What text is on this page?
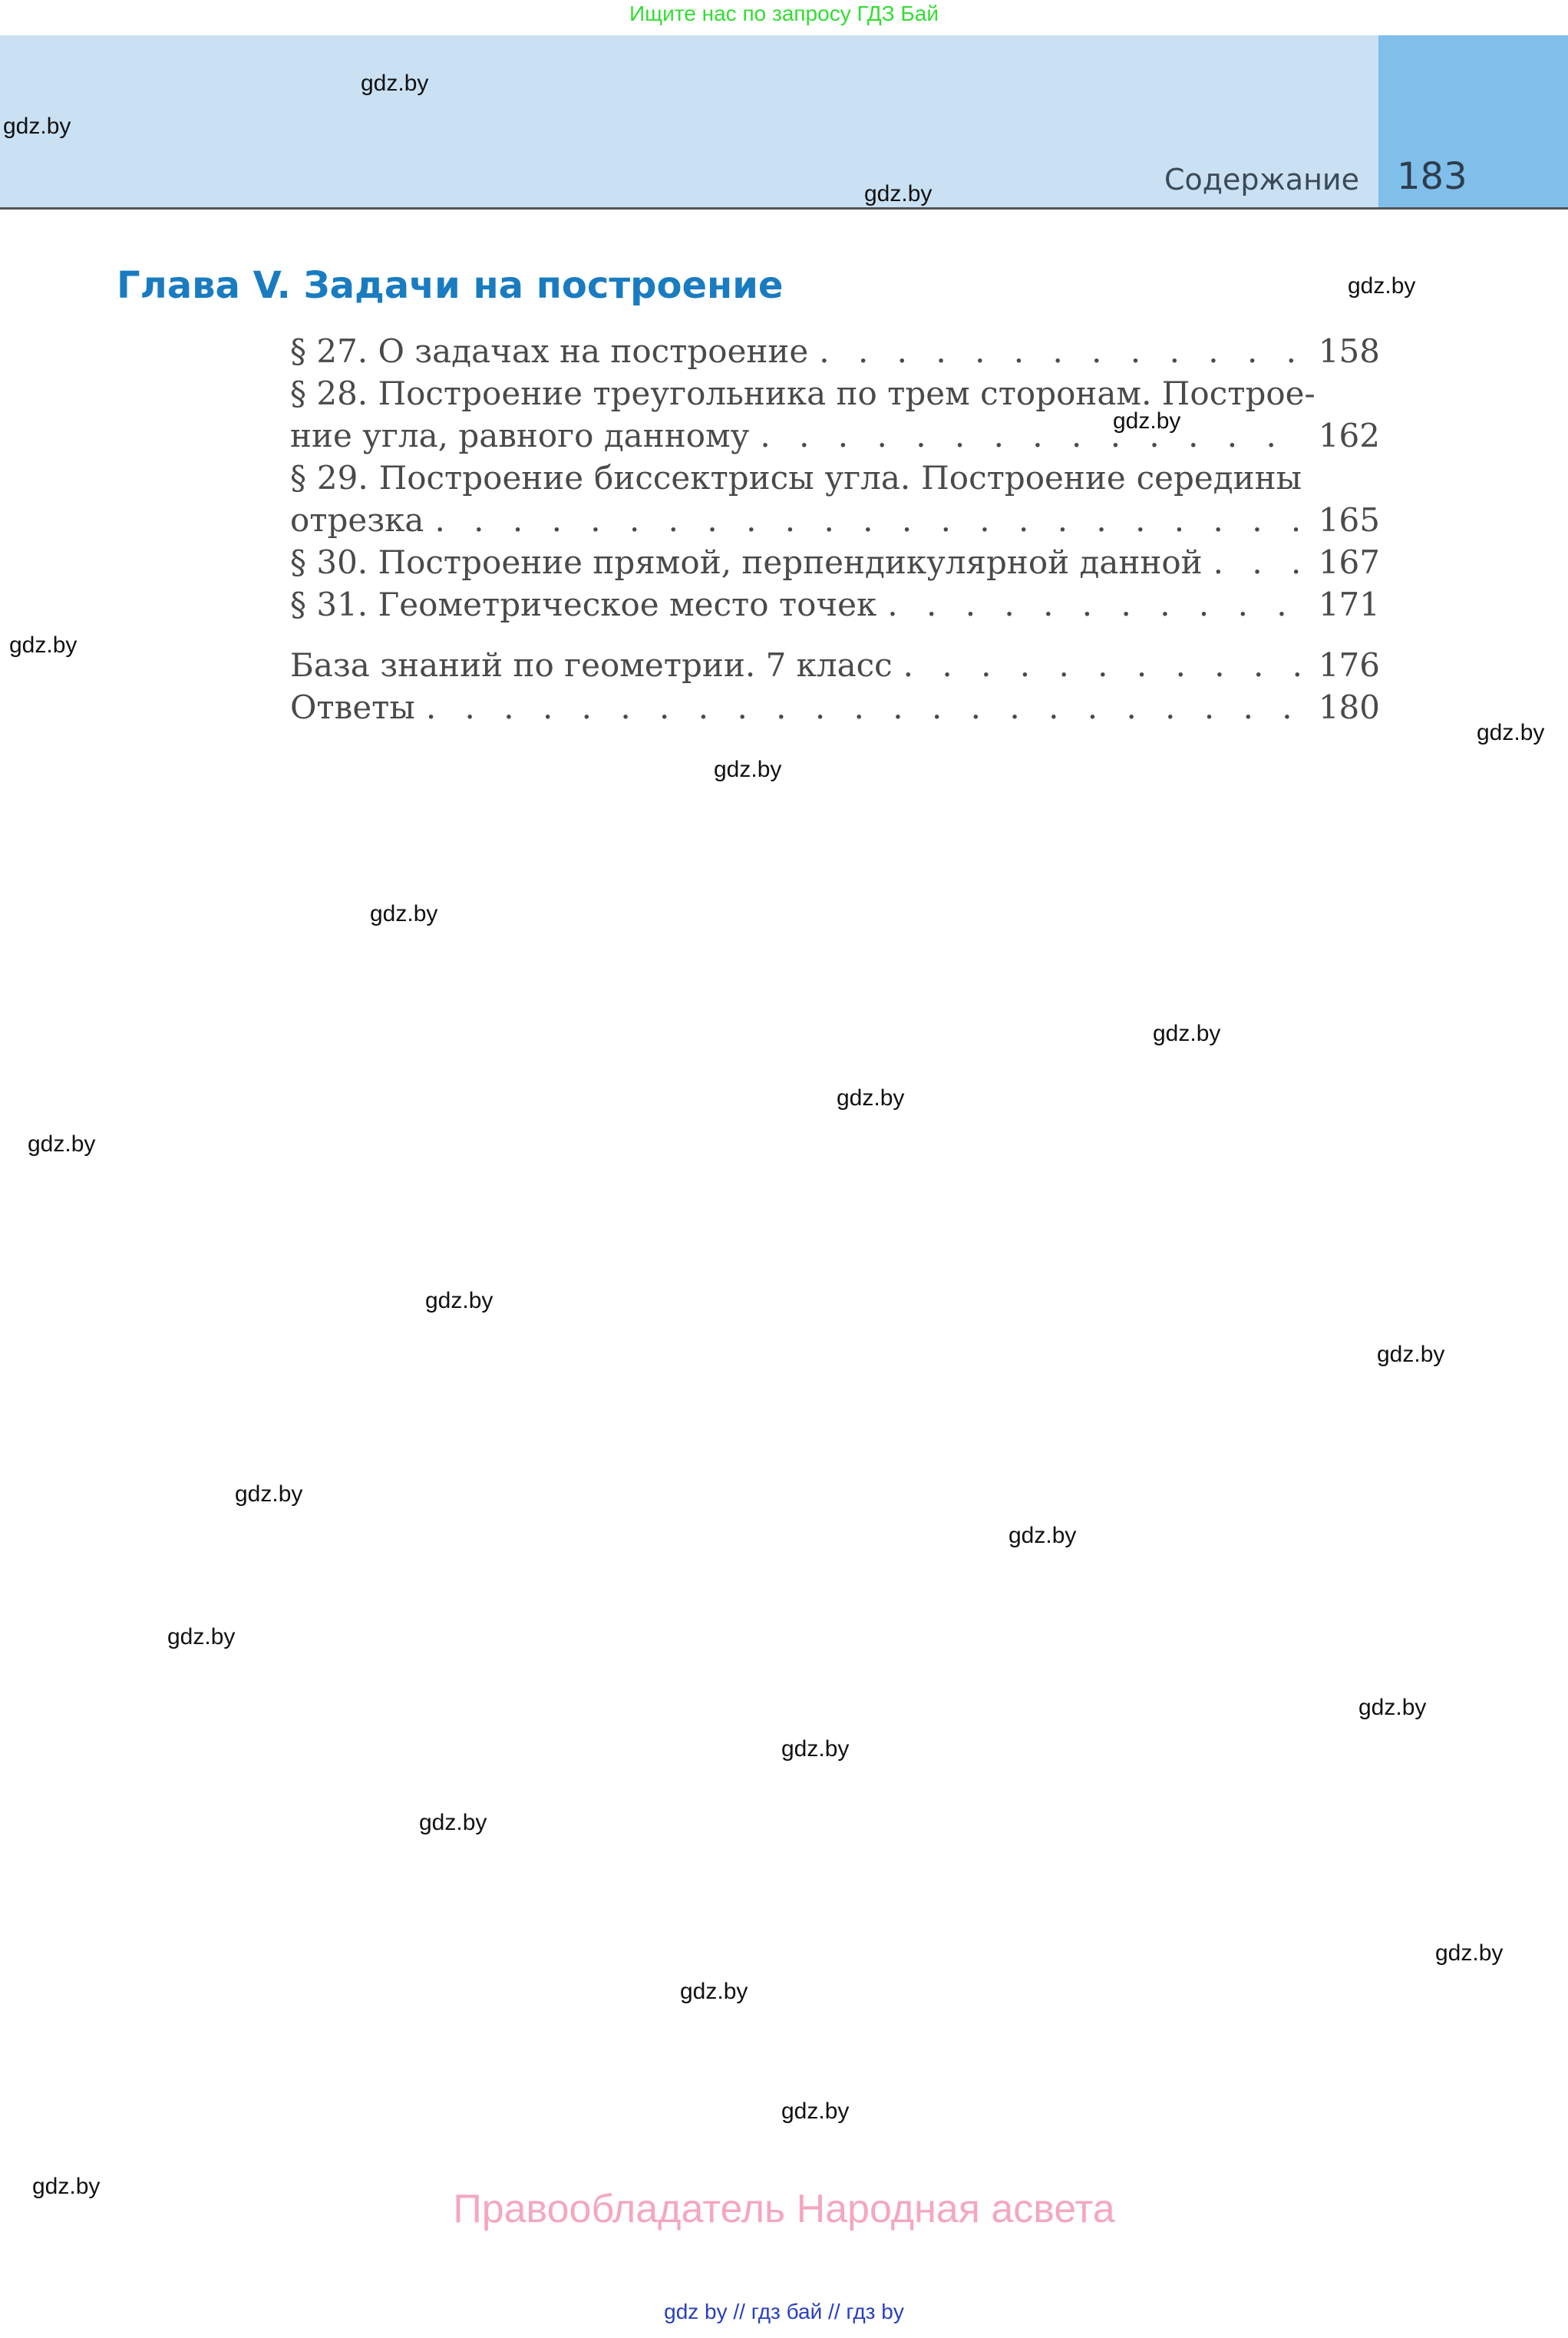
Ищите нас по запросу ГДЗ Бай
Содержание 183
Глава V. Задачи на построение
§ 27. О задачах на построение . . .	158
§ 28. Построение треугольника по трем сторонам. Построе-
ние угла, равного данному . . .	162
§ 29. Построение биссектрисы угла. Построение середины
отрезка . . .	165
§ 30. Построение прямой, перпендикулярной данной . . .	167
§ 31. Геометрическое место точек . . .	171
База знаний по геометрии. 7 класс . . .	176
Ответы . . .	180
gdz.by
gdz.by
gdz.by
gdz.by
gdz.by
gdz.by
gdz.by
gdz.by
gdz.by
gdz.by
gdz.by
gdz.by
gdz.by
gdz.by
gdz.by
gdz.by
gdz.by
gdz.by
gdz.by
gdz.by
gdz.by
gdz.by
gdz.by
gdz.by
Правообладатель Народная асвета
gdz by // гдз бай // гдз by
